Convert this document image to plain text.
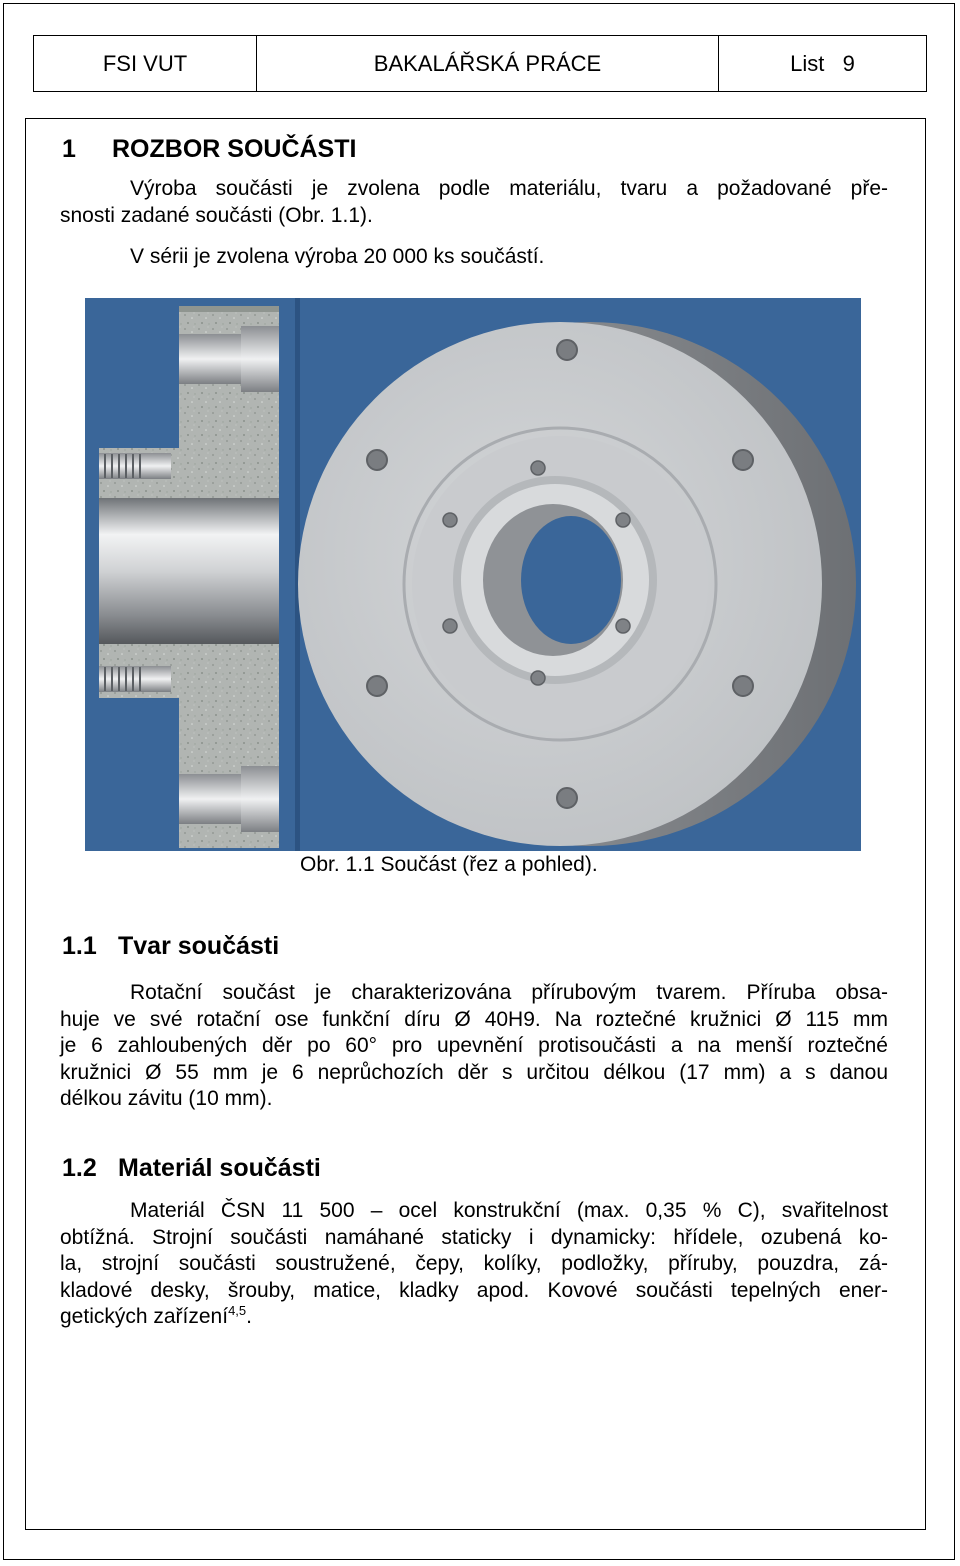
FSI VUT	BAKALÁŘSKÁ PRÁCE	List   9
1 ROZBOR SOUČÁSTI
Výroba součásti je zvolena podle materiálu, tvaru a požadované pře-
snosti zadané součásti (Obr. 1.1).
V sérii je zvolena výroba 20 000 ks součástí.
Obr. 1.1 Součást (řez a pohled).
1.1 Tvar součásti
Rotační součást je charakterizována přírubovým tvarem. Příruba obsa-
huje ve své rotační ose funkční díru Ø 40H9. Na roztečné kružnici Ø 115 mm
je 6 zahloubených děr po 60° pro upevnění protisoučásti a na menší roztečné
kružnici Ø 55 mm je 6 neprůchozích děr s určitou délkou (17 mm) a s danou
délkou závitu (10 mm).
1.2 Materiál součásti
Materiál ČSN 11 500 – ocel konstrukční (max. 0,35 % C), svařitelnost
obtížná. Strojní součásti namáhané staticky i dynamicky: hřídele, ozubená ko-
la, strojní součásti soustružené, čepy, kolíky, podložky, příruby, pouzdra, zá-
kladové desky, šrouby, matice, kladky apod. Kovové součásti tepelných ener-
getických zařízení$^{4,5}$.
